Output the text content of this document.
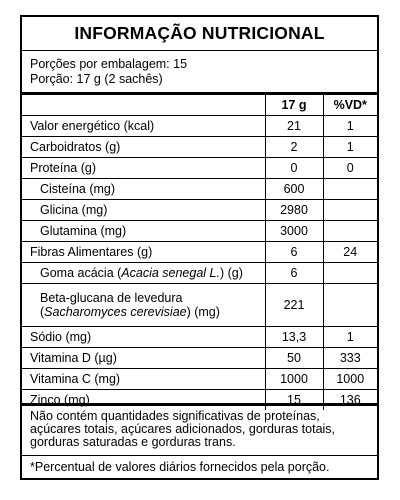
INFORMAÇÃO NUTRICIONAL
Porções por embalagem: 15
Porção: 17 g (2 sachês)
	17 g	%VD*
Valor energético (kcal)	21	1
Carboidratos (g)	2	1
Proteína (g)	0	0
Cisteína (mg)	600	
Glicina (mg)	2980	
Glutamina (mg)	3000	
Fibras Alimentares (g)	6	24
Goma acácia (Acacia senegal L.) (g)	6	
Beta-glucana de levedura
(Sacharomyces cerevisiae) (mg)	221	
Sódio (mg)	13,3	1
Vitamina D (µg)	50	333
Vitamina C (mg)	1000	1000
Zinco (mg)	15	136
Não contém quantidades significativas de proteínas, açúcares totais, açúcares adicionados, gorduras totais, gorduras saturadas e gorduras trans.
*Percentual de valores diários fornecidos pela porção.
